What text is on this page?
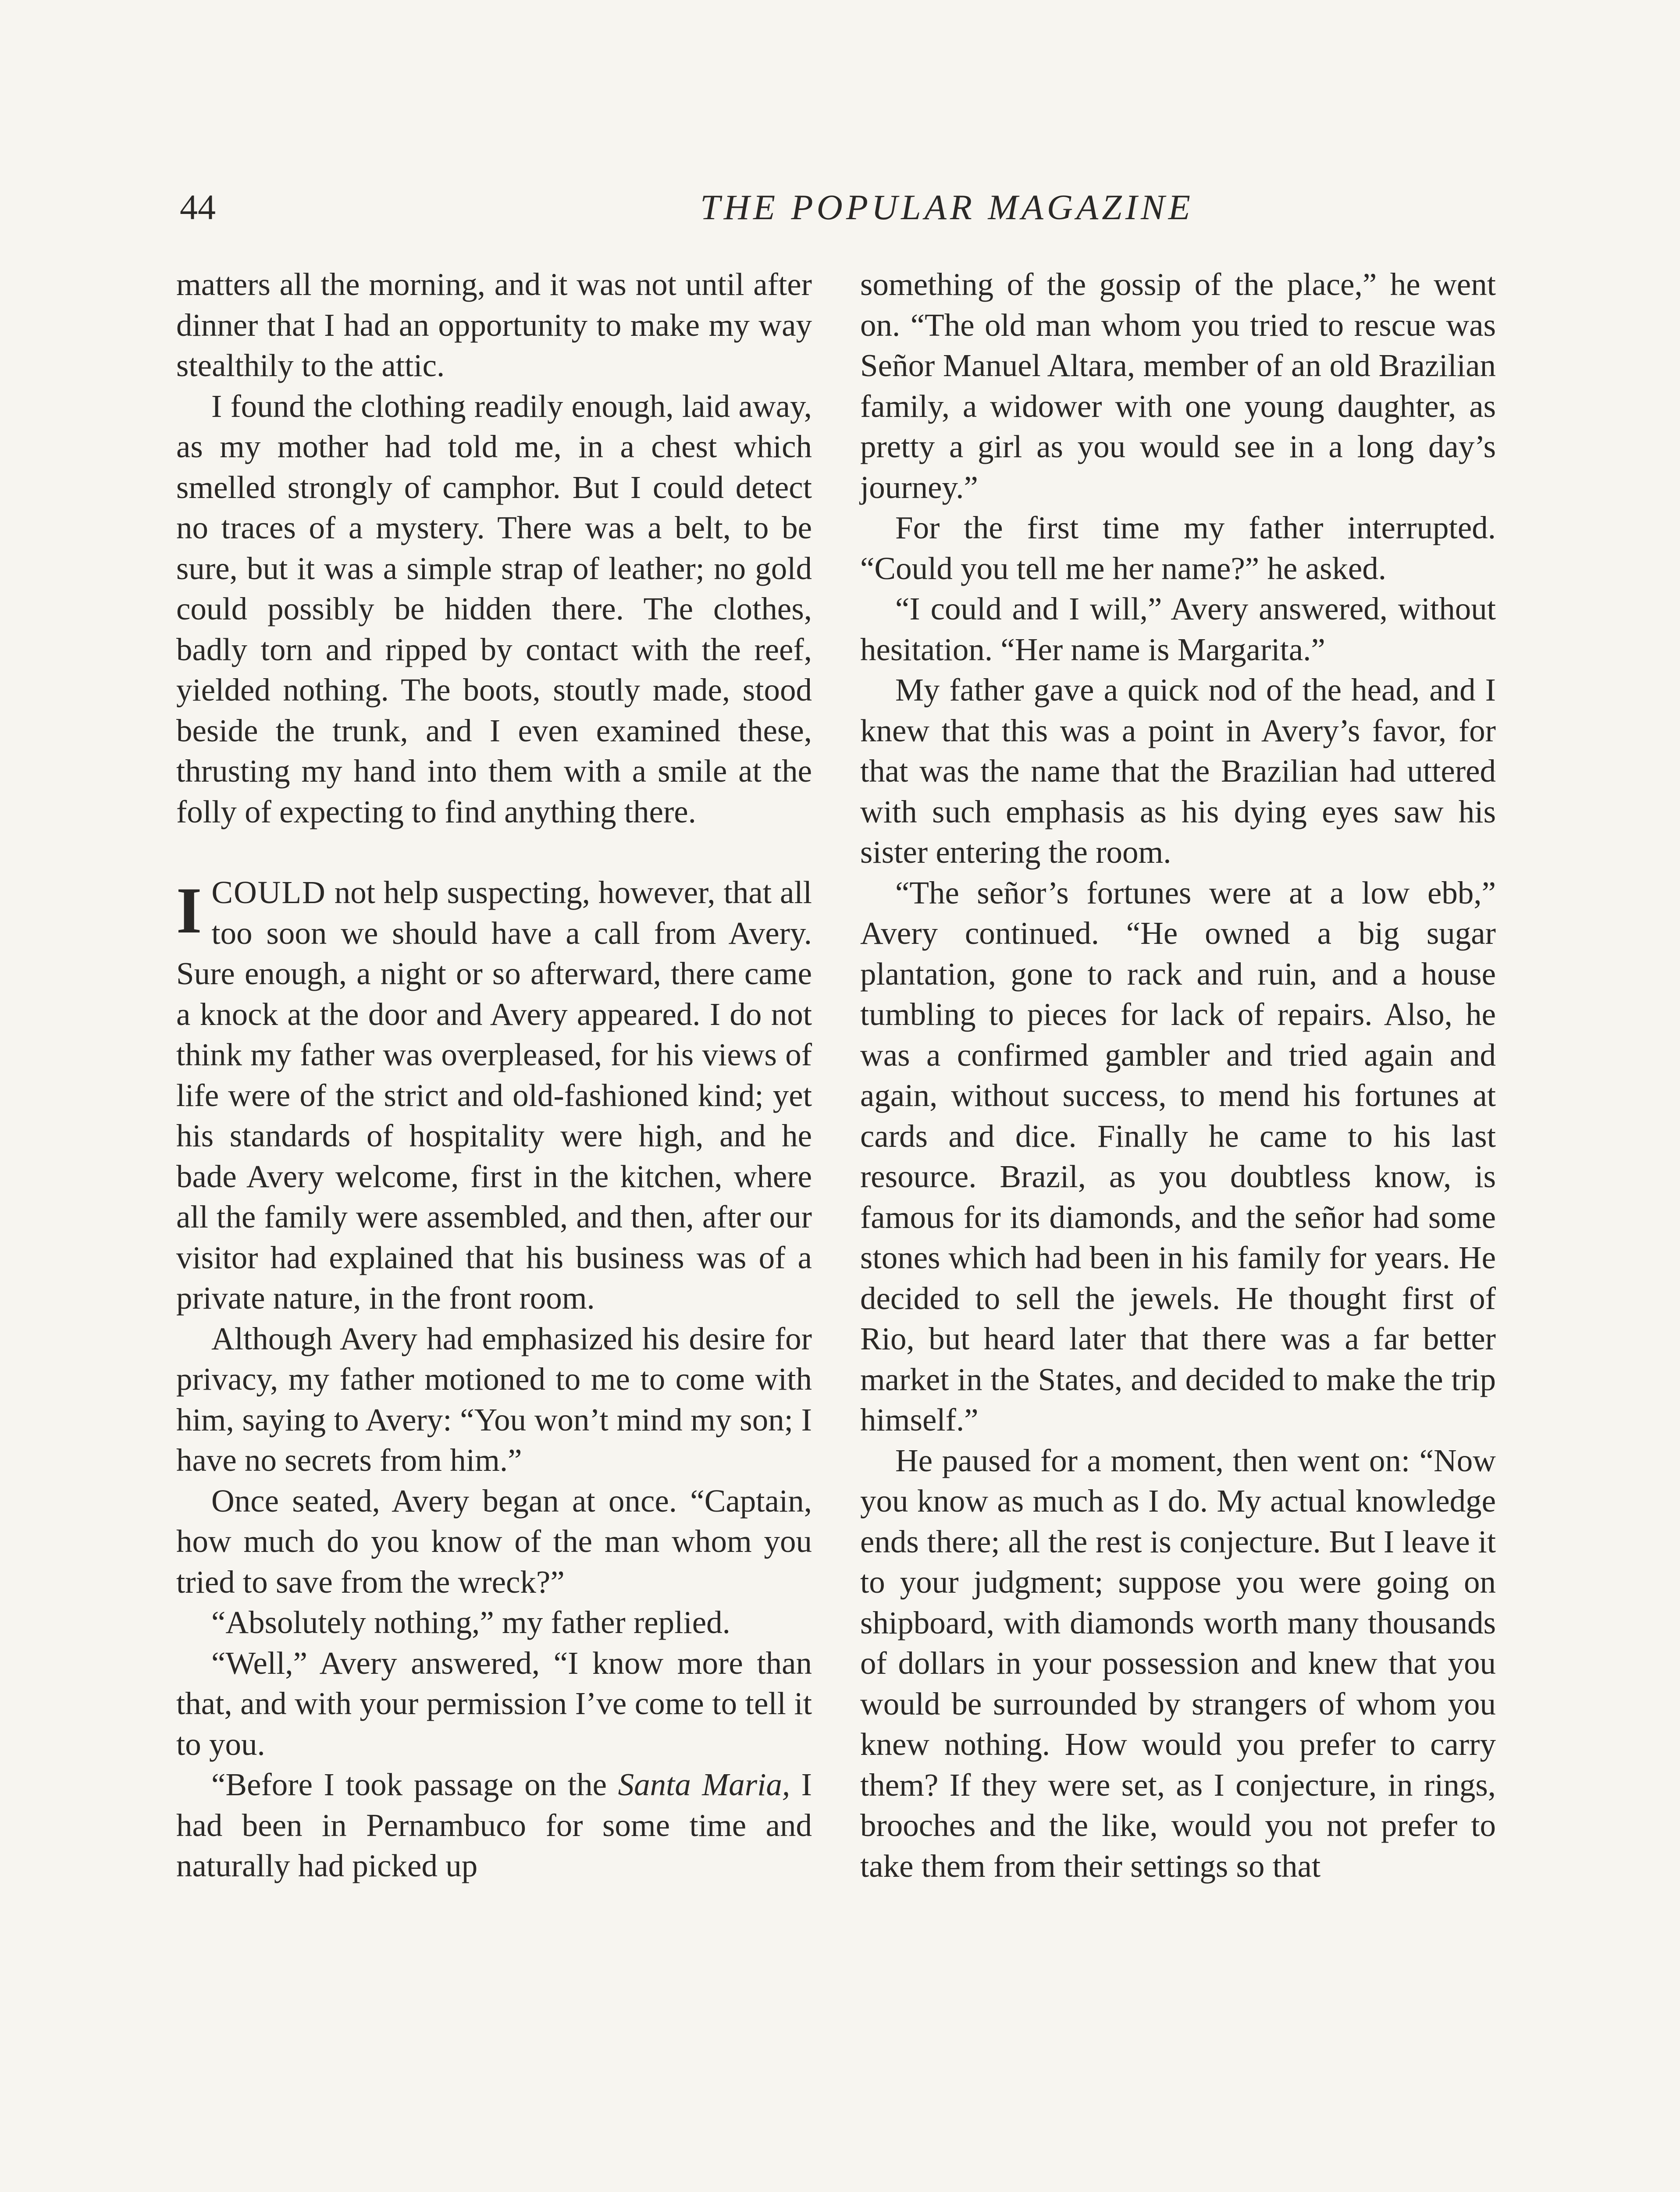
44	THE POPULAR MAGAZINE

matters all the morning, and it was not until after dinner that I had an opportunity to make my way stealthily to the attic.

I found the clothing readily enough, laid away, as my mother had told me, in a chest which smelled strongly of camphor. But I could detect no traces of a mystery. There was a belt, to be sure, but it was a simple strap of leather; no gold could possibly be hidden there. The clothes, badly torn and ripped by contact with the reef, yielded nothing. The boots, stoutly made, stood beside the trunk, and I even examined these, thrusting my hand into them with a smile at the folly of expecting to find anything there.

ICOULD not help suspecting, however, that all too soon we should have a call from Avery. Sure enough, a night or so afterward, there came a knock at the door and Avery appeared. I do not think my father was overpleased, for his views of life were of the strict and old-fashioned kind; yet his standards of hospitality were high, and he bade Avery welcome, first in the kitchen, where all the family were assembled, and then, after our visitor had explained that his business was of a private nature, in the front room.

Although Avery had emphasized his desire for privacy, my father motioned to me to come with him, saying to Avery: “You won’t mind my son; I have no secrets from him.”

Once seated, Avery began at once. “Captain, how much do you know of the man whom you tried to save from the wreck?”

“Absolutely nothing,” my father replied.

“Well,” Avery answered, “I know more than that, and with your permission I’ve come to tell it to you.

“Before I took passage on the Santa Maria, I had been in Pernambuco for some time and naturally had picked up

something of the gossip of the place,” he went on. “The old man whom you tried to rescue was Señor Manuel Altara, member of an old Brazilian family, a widower with one young daughter, as pretty a girl as you would see in a long day’s journey.”

For the first time my father interrupted. “Could you tell me her name?” he asked.

“I could and I will,” Avery answered, without hesitation. “Her name is Margarita.”

My father gave a quick nod of the head, and I knew that this was a point in Avery’s favor, for that was the name that the Brazilian had uttered with such emphasis as his dying eyes saw his sister entering the room.

“The señor’s fortunes were at a low ebb,” Avery continued. “He owned a big sugar plantation, gone to rack and ruin, and a house tumbling to pieces for lack of repairs. Also, he was a confirmed gambler and tried again and again, without success, to mend his fortunes at cards and dice. Finally he came to his last resource. Brazil, as you doubtless know, is famous for its diamonds, and the señor had some stones which had been in his family for years. He decided to sell the jewels. He thought first of Rio, but heard later that there was a far better market in the States, and decided to make the trip himself.”

He paused for a moment, then went on: “Now you know as much as I do. My actual knowledge ends there; all the rest is conjecture. But I leave it to your judgment; suppose you were going on shipboard, with diamonds worth many thousands of dollars in your possession and knew that you would be surrounded by strangers of whom you knew nothing. How would you prefer to carry them? If they were set, as I conjecture, in rings, brooches and the like, would you not prefer to take them from their settings so that
